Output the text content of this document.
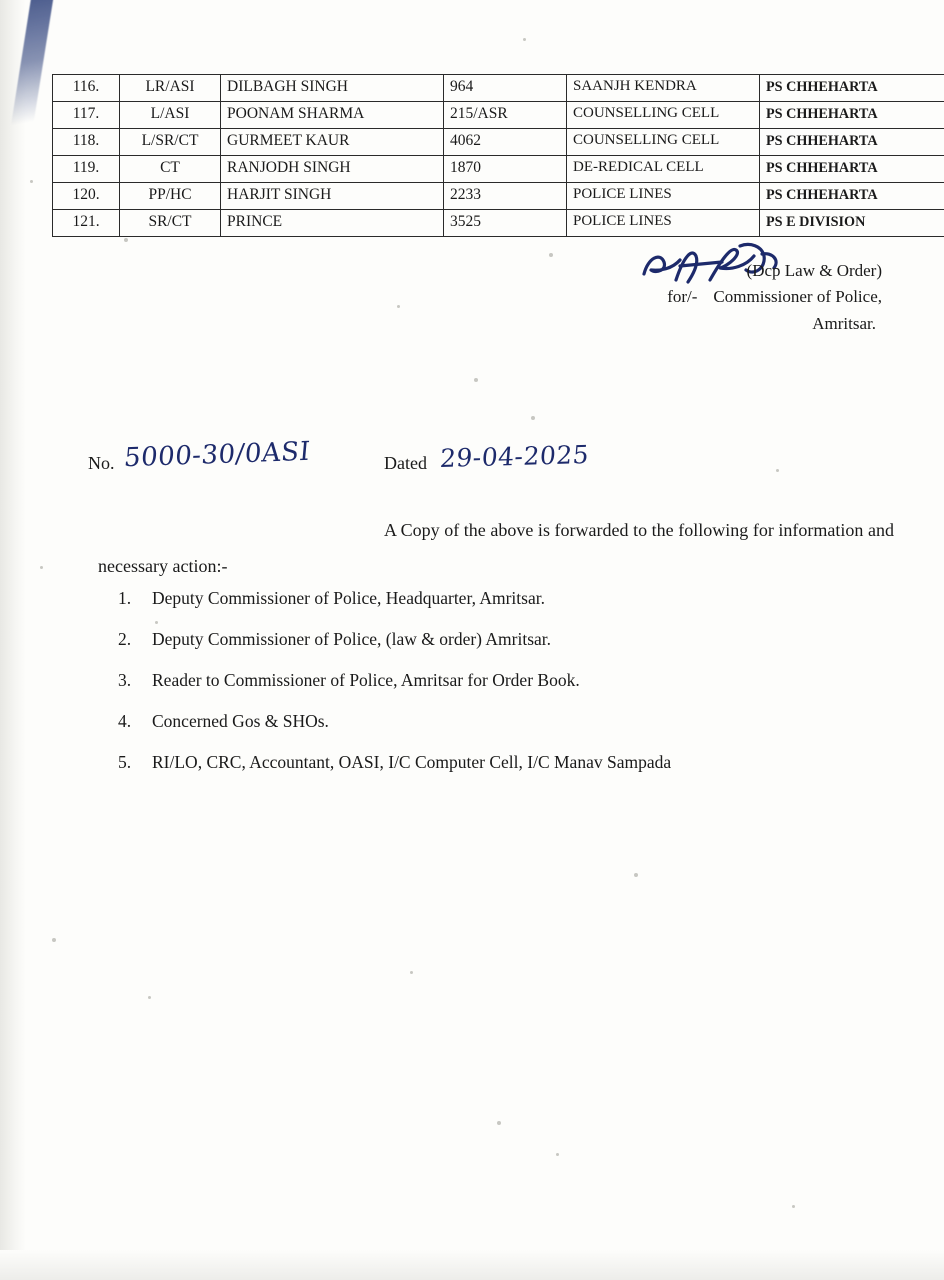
116.	LR/ASI	DILBAGH SINGH	964	SAANJH KENDRA	PS CHHEHARTA
117.	L/ASI	POONAM SHARMA	215/ASR	COUNSELLING CELL	PS CHHEHARTA
118.	L/SR/CT	GURMEET KAUR	4062	COUNSELLING CELL	PS CHHEHARTA
119.	CT	RANJODH SINGH	1870	DE-REDICAL CELL	PS CHHEHARTA
120.	PP/HC	HARJIT SINGH	2233	POLICE LINES	PS CHHEHARTA
121.	SR/CT	PRINCE	3525	POLICE LINES	PS E DIVISION
(Dcp Law & Order)
for/- Commissioner of Police,
Amritsar.
No. 5000-30/0ASI	Dated 29-04-2025
A Copy of the above is forwarded to the following for information and necessary action:-
1. Deputy Commissioner of Police, Headquarter, Amritsar.
2. Deputy Commissioner of Police, (law & order) Amritsar.
3. Reader to Commissioner of Police, Amritsar for Order Book.
4. Concerned Gos & SHOs.
5. RI/LO, CRC, Accountant, OASI, I/C Computer Cell, I/C Manav Sampada
